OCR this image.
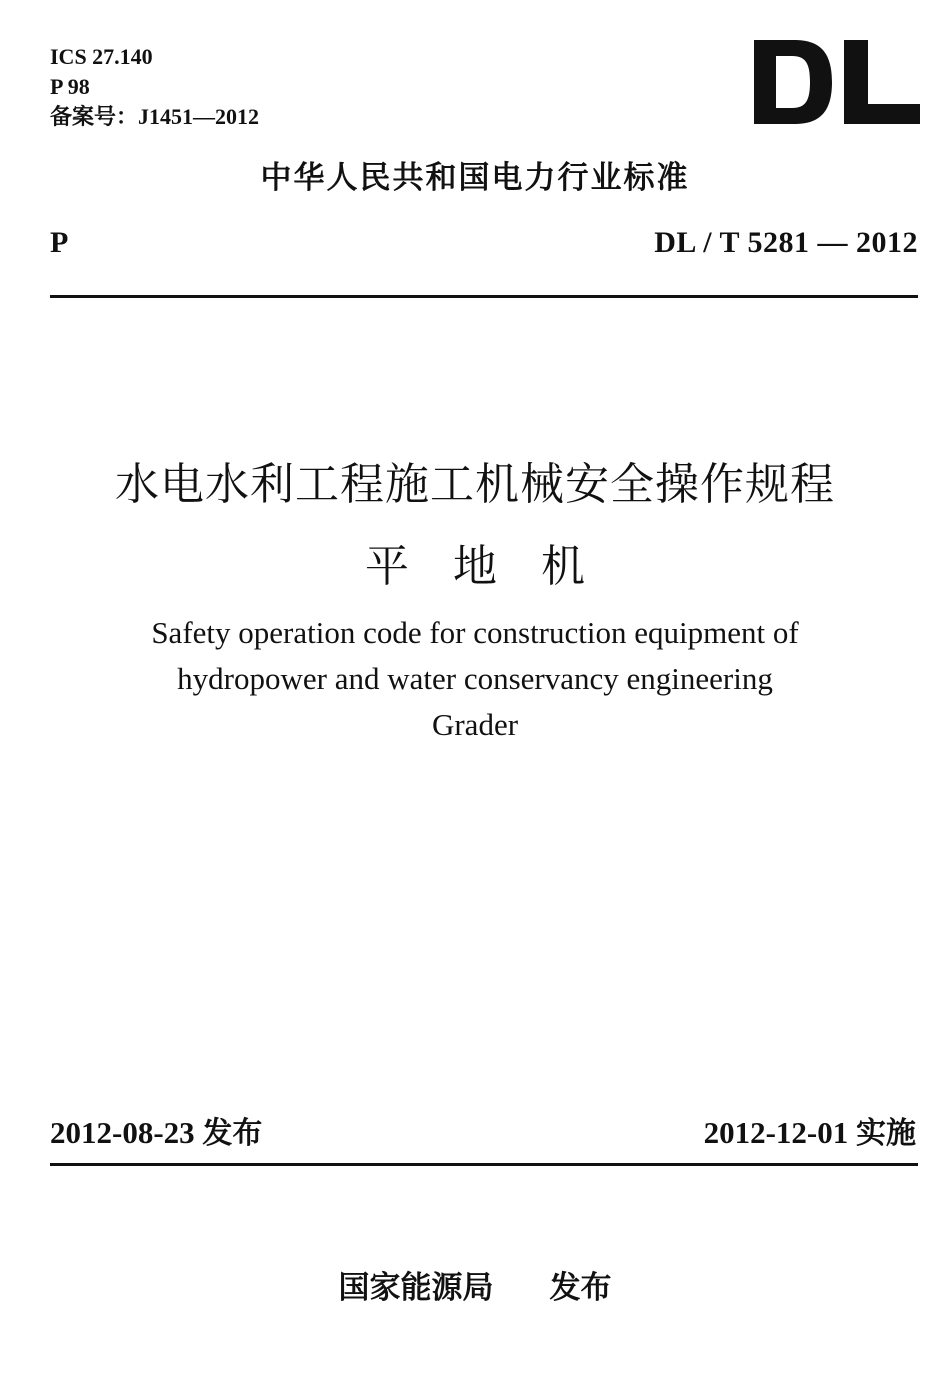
ICS 27.140
P 98
备案号：J1451—2012
中华人民共和国电力行业标准
P	DL / T 5281 — 2012
水电水利工程施工机械安全操作规程
平　地　机
Safety operation code for construction equipment of
hydropower and water conservancy engineering
Grader
2012-08-23 发布	2012-12-01 实施
国家能源局 发布
